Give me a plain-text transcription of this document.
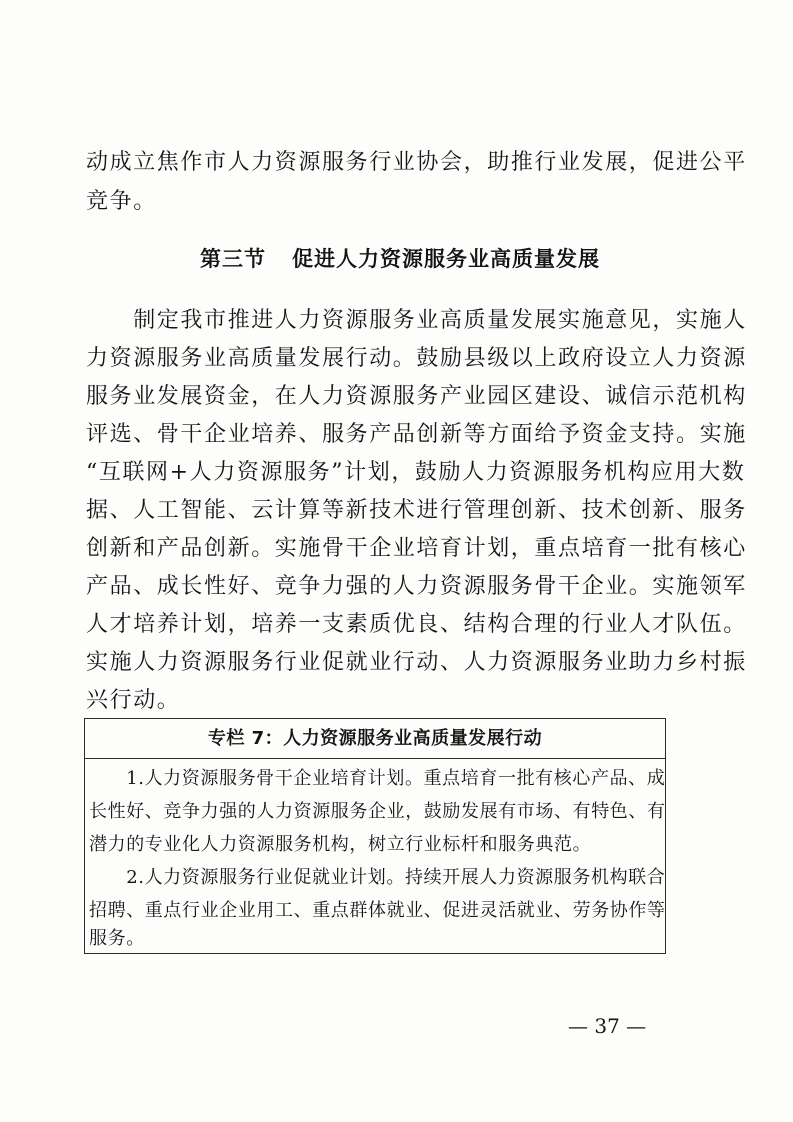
动成立焦作市人力资源服务行业协会，助推行业发展，促进公平
竞争。
第三节 促进人力资源服务业高质量发展
　　制定我市推进人力资源服务业高质量发展实施意见，实施人
力资源服务业高质量发展行动。鼓励县级以上政府设立人力资源
服务业发展资金，在人力资源服务产业园区建设、诚信示范机构
评选、骨干企业培养、服务产品创新等方面给予资金支持。实施
“互联网+人力资源服务”计划，鼓励人力资源服务机构应用大数
据、人工智能、云计算等新技术进行管理创新、技术创新、服务
创新和产品创新。实施骨干企业培育计划，重点培育一批有核心
产品、成长性好、竞争力强的人力资源服务骨干企业。实施领军
人才培养计划，培养一支素质优良、结构合理的行业人才队伍。
实施人力资源服务行业促就业行动、人力资源服务业助力乡村振
兴行动。
专栏 7：人力资源服务业高质量发展行动
　　1.人力资源服务骨干企业培育计划。重点培育一批有核心产品、成
长性好、竞争力强的人力资源服务企业，鼓励发展有市场、有特色、有
潜力的专业化人力资源服务机构，树立行业标杆和服务典范。
　　2.人力资源服务行业促就业计划。持续开展人力资源服务机构联合
招聘、重点行业企业用工、重点群体就业、促进灵活就业、劳务协作等
服务。
— 37 —
